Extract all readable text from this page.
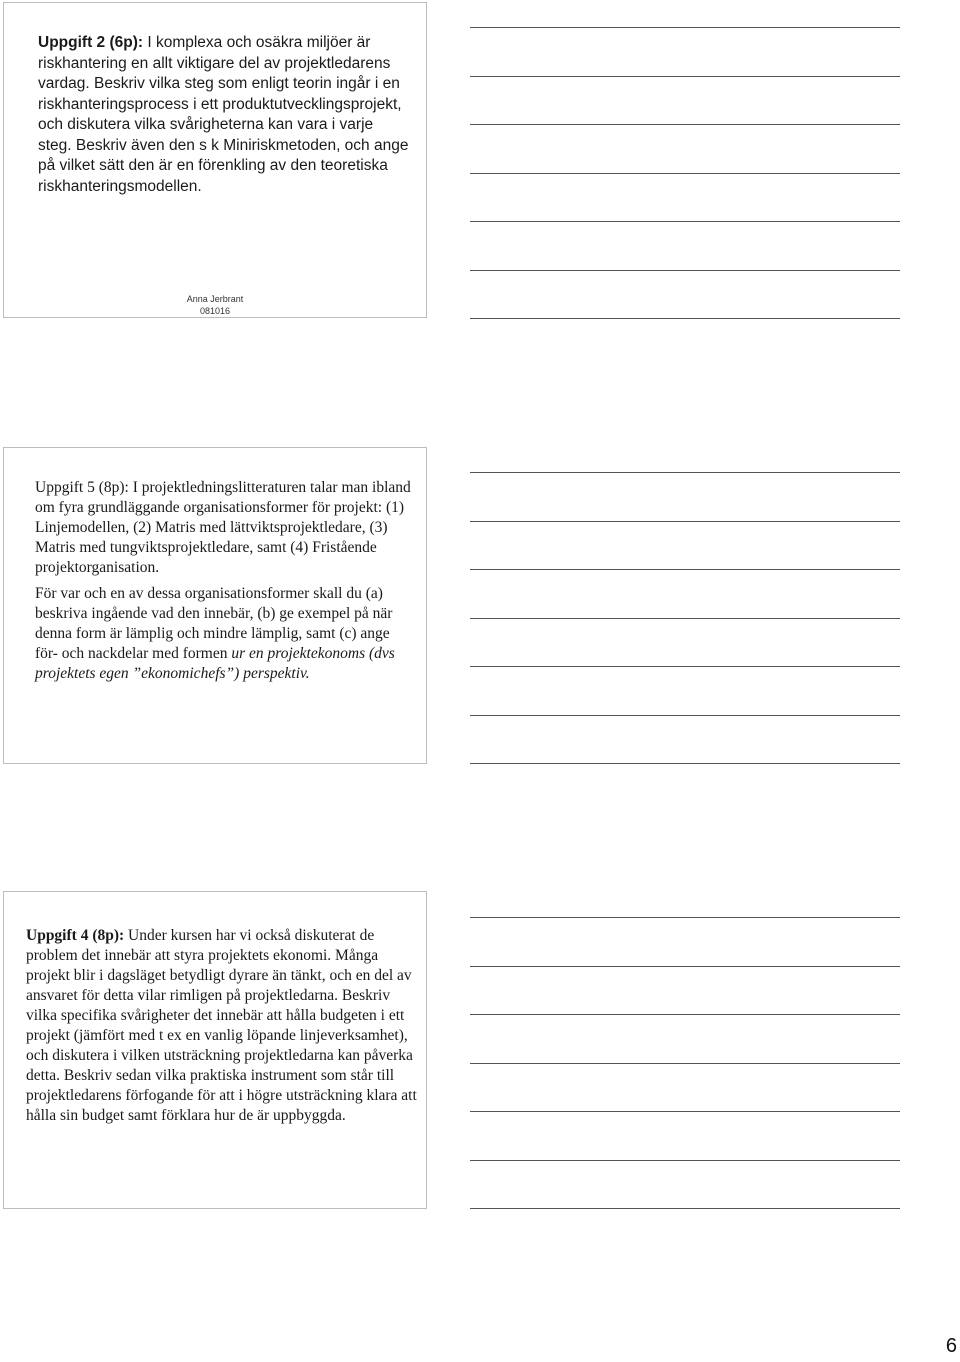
Uppgift 2 (6p): I komplexa och osäkra miljöer är riskhantering en allt viktigare del av projektledarens vardag. Beskriv vilka steg som enligt teorin ingår i en riskhanteringsprocess i ett produktutvecklingsprojekt, och diskutera vilka svårigheterna kan vara i varje steg. Beskriv även den s k Miniriskmetoden, och ange på vilket sätt den är en förenkling av den teoretiska riskhanteringsmodellen.
Anna Jerbrant
081016

Uppgift 5 (8p): I projektledningslitteraturen talar man ibland om fyra grundläggande organisationsformer för projekt: (1) Linjemodellen, (2) Matris med lättviktsprojektledare, (3) Matris med tungviktsprojektledare, samt (4) Fristående projektorganisation.

För var och en av dessa organisationsformer skall du (a) beskriva ingående vad den innebär, (b) ge exempel på när denna form är lämplig och mindre lämplig, samt (c) ange för- och nackdelar med formen ur en projektekonoms (dvs projektets egen ”ekonomichefs”) perspektiv.

Uppgift 4 (8p): Under kursen har vi också diskuterat de problem det innebär att styra projektets ekonomi. Många projekt blir i dagsläget betydligt dyrare än tänkt, och en del av ansvaret för detta vilar rimligen på projektledarna. Beskriv vilka specifika svårigheter det innebär att hålla budgeten i ett projekt (jämfört med t ex en vanlig löpande linjeverksamhet), och diskutera i vilken utsträckning projektledarna kan påverka detta. Beskriv sedan vilka praktiska instrument som står till projektledarens förfogande för att i högre utsträckning klara att hålla sin budget samt förklara hur de är uppbyggda.
6
